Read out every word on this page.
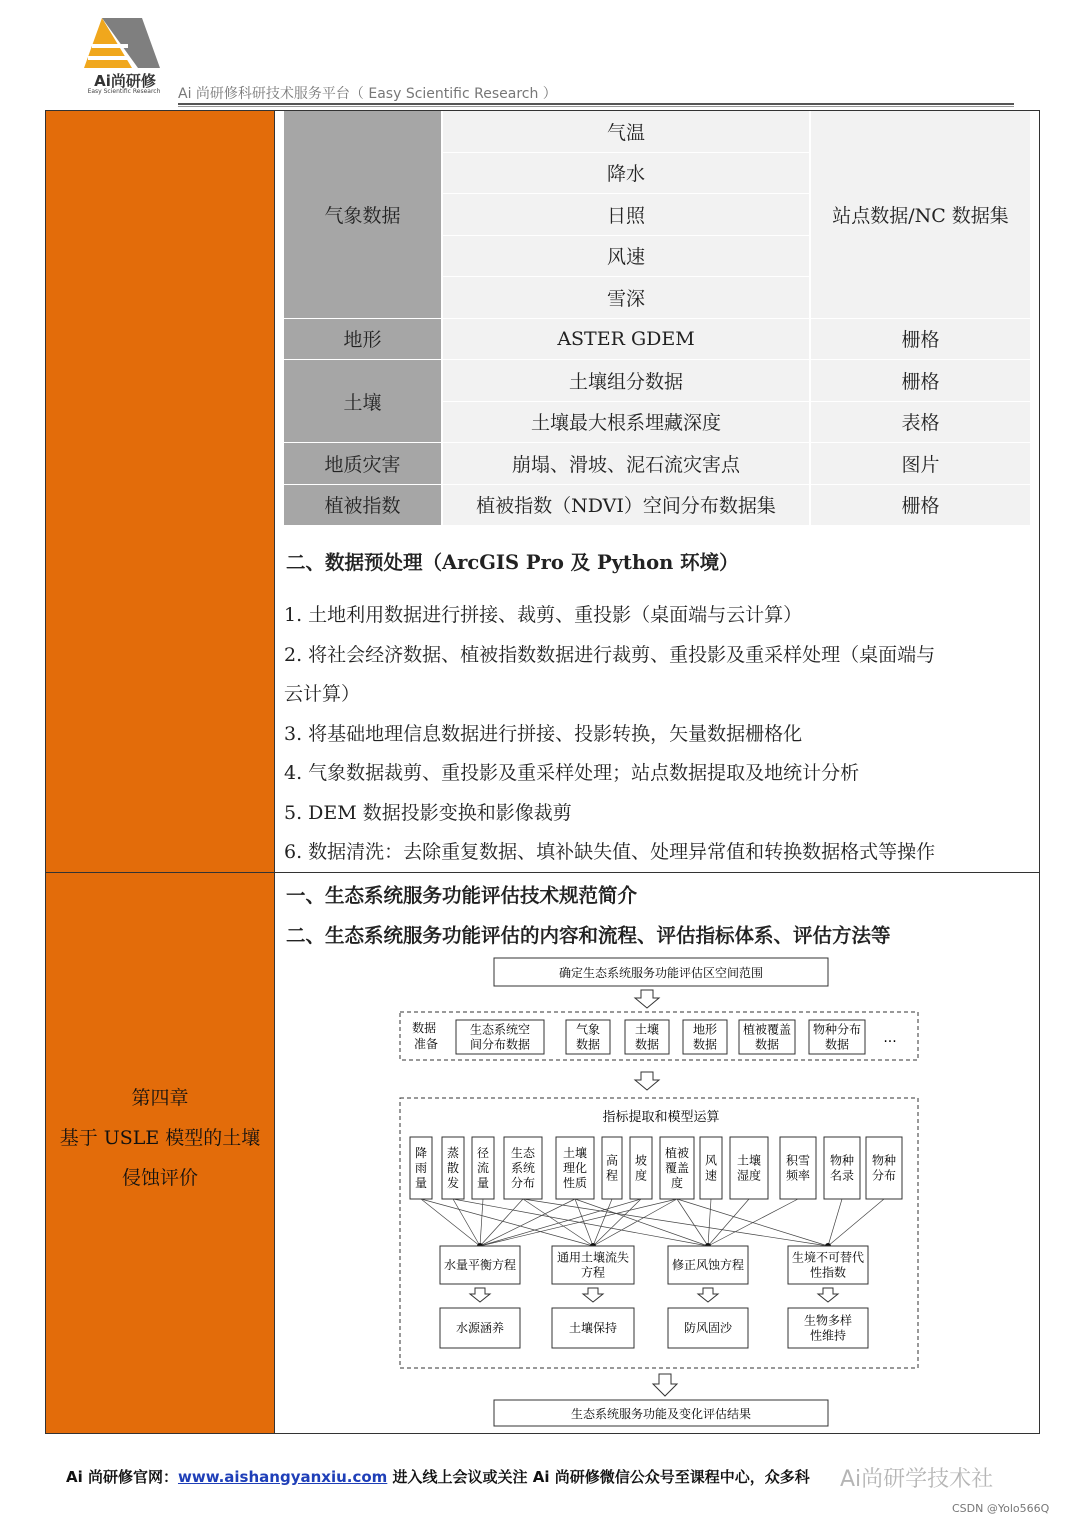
Ai尚研修
Easy Scientific Research	Ai 尚研修科研技术服务平台（ Easy Scientific Research ）
第四章
基于 USLE 模型的土壤
侵蚀评价
气象数据	气温	站点数据/NC 数据集
	降水	
	日照	
	风速	
	雪深	
地形	ASTER GDEM	栅格
土壤	土壤组分数据	栅格
	土壤最大根系埋藏深度	表格
地质灾害	崩塌、滑坡、泥石流灾害点	图片
植被指数	植被指数（NDVI）空间分布数据集	栅格
二、数据预处理（ArcGIS Pro 及 Python 环境）
1. 土地利用数据进行拼接、裁剪、重投影（桌面端与云计算）
2. 将社会经济数据、植被指数数据进行裁剪、重投影及重采样处理（桌面端与
云计算）
3. 将基础地理信息数据进行拼接、投影转换，矢量数据栅格化
4. 气象数据裁剪、重投影及重采样处理；站点数据提取及地统计分析
5. DEM 数据投影变换和影像裁剪
6. 数据清洗：去除重复数据、填补缺失值、处理异常值和转换数据格式等操作
一、生态系统服务功能评估技术规范简介
二、生态系统服务功能评估的内容和流程、评估指标体系、评估方法等
确定生态系统服务功能评估区空间范围
数据 准备
生态系统空间分布数据
气象数据
土壤数据
地形数据
植被覆盖数据
物种分布数据	...
指标提取和模型运算
降雨量
蒸散发
径流量
生态系统分布
土壤理化性质
高程
坡度
植被覆盖度
风速
土壤湿度
积雪频率
物种名录
物种分布
水量平衡方程
通用土壤流失方程
修正风蚀方程
生境不可替代性指数
水源涵养	土壤保持	防风固沙
生物多样性维持
生态系统服务功能及变化评估结果
Ai 尚研修官网：www.aishangyanxiu.com 进入线上会议或关注 Ai 尚研修微信公众号至课程中心，众多科 Ai尚研学技术社
CSDN @Yolo566Q
